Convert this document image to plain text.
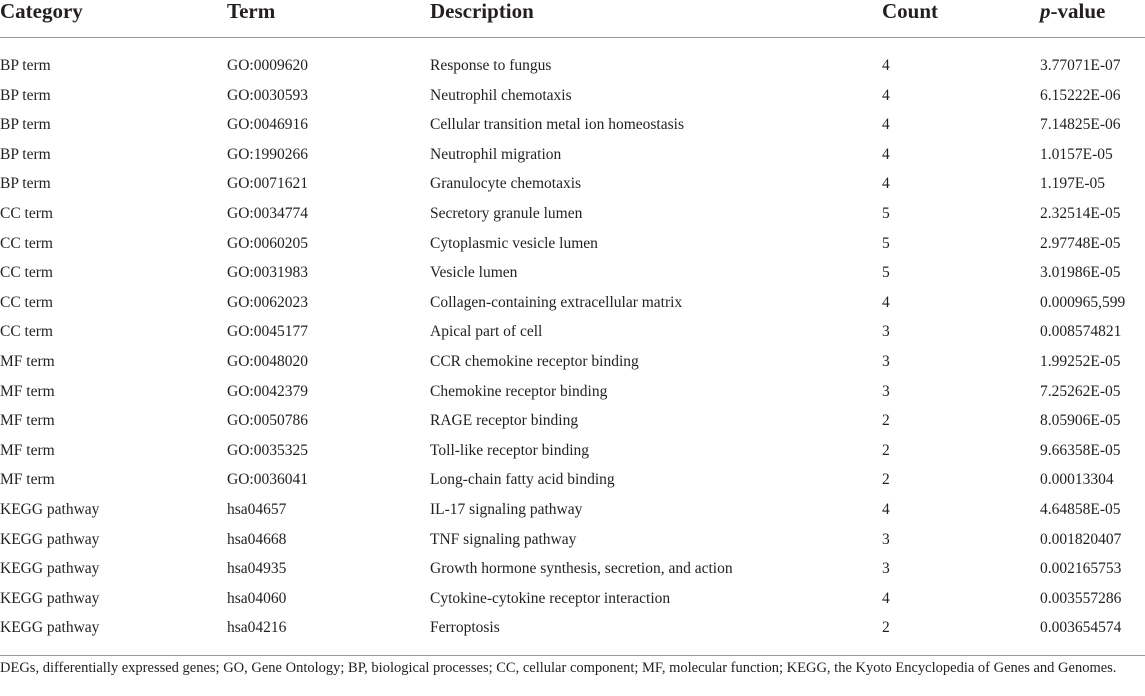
Category	Term	Description	Count	p-value
BP term	GO:0009620	Response to fungus	4	3.77071E-07
BP term	GO:0030593	Neutrophil chemotaxis	4	6.15222E-06
BP term	GO:0046916	Cellular transition metal ion homeostasis	4	7.14825E-06
BP term	GO:1990266	Neutrophil migration	4	1.0157E-05
BP term	GO:0071621	Granulocyte chemotaxis	4	1.197E-05
CC term	GO:0034774	Secretory granule lumen	5	2.32514E-05
CC term	GO:0060205	Cytoplasmic vesicle lumen	5	2.97748E-05
CC term	GO:0031983	Vesicle lumen	5	3.01986E-05
CC term	GO:0062023	Collagen-containing extracellular matrix	4	0.000965,599
CC term	GO:0045177	Apical part of cell	3	0.008574821
MF term	GO:0048020	CCR chemokine receptor binding	3	1.99252E-05
MF term	GO:0042379	Chemokine receptor binding	3	7.25262E-05
MF term	GO:0050786	RAGE receptor binding	2	8.05906E-05
MF term	GO:0035325	Toll-like receptor binding	2	9.66358E-05
MF term	GO:0036041	Long-chain fatty acid binding	2	0.00013304
KEGG pathway	hsa04657	IL-17 signaling pathway	4	4.64858E-05
KEGG pathway	hsa04668	TNF signaling pathway	3	0.001820407
KEGG pathway	hsa04935	Growth hormone synthesis, secretion, and action	3	0.002165753
KEGG pathway	hsa04060	Cytokine-cytokine receptor interaction	4	0.003557286
KEGG pathway	hsa04216	Ferroptosis	2	0.003654574
DEGs, differentially expressed genes; GO, Gene Ontology; BP, biological processes; CC, cellular component; MF, molecular function; KEGG, the Kyoto Encyclopedia of Genes and Genomes.
